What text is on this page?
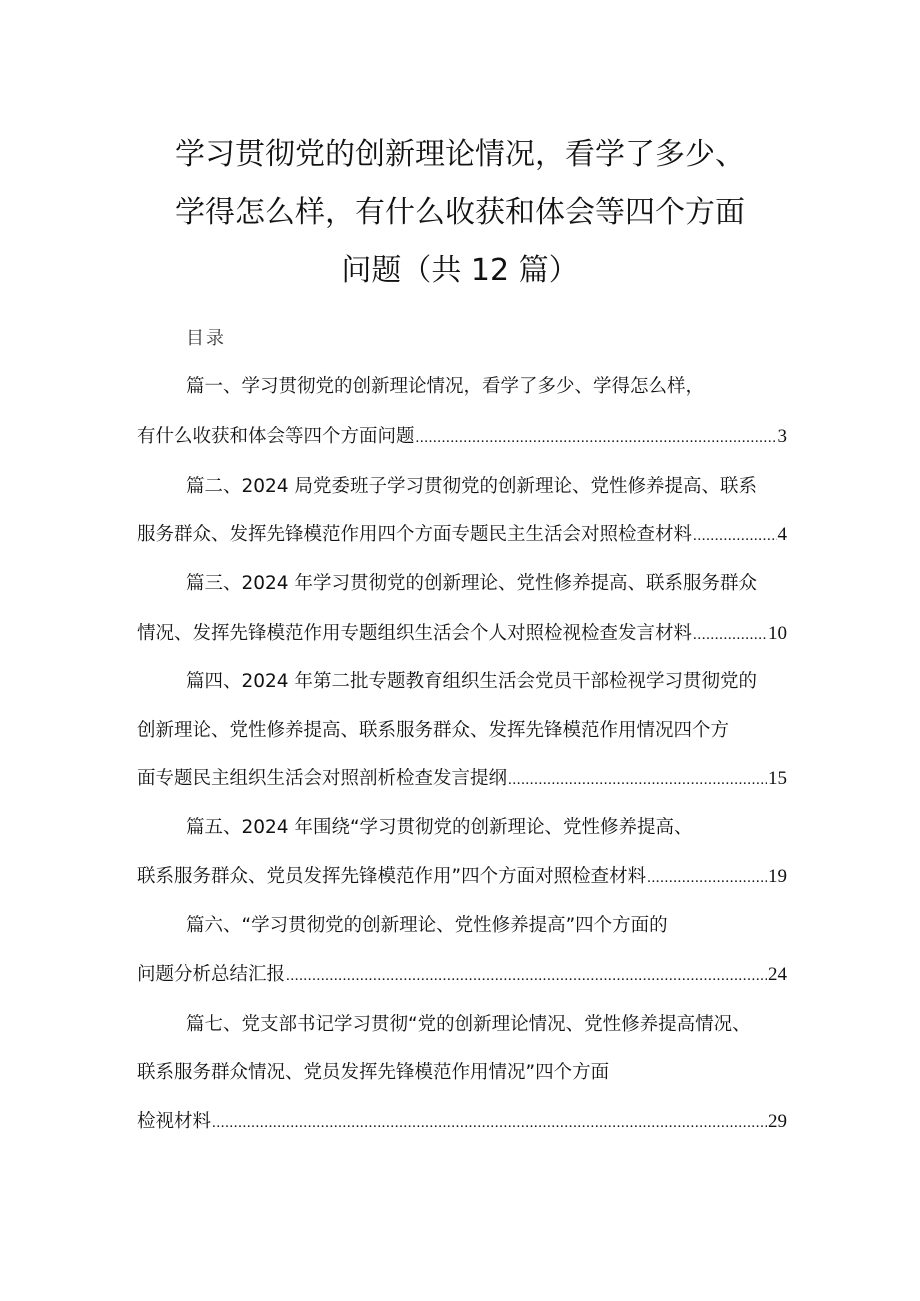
学习贯彻党的创新理论情况，看学了多少、
学得怎么样，有什么收获和体会等四个方面
问题（共 12 篇）
目录
篇一、学习贯彻党的创新理论情况，看学了多少、学得怎么样，
有什么收获和体会等四个方面问题 .....	3
篇二、2024 局党委班子学习贯彻党的创新理论、党性修养提高、联系
服务群众、发挥先锋模范作用四个方面专题民主生活会对照检查材料 .....	4
篇三、2024 年学习贯彻党的创新理论、党性修养提高、联系服务群众
情况、发挥先锋模范作用专题组织生活会个人对照检视检查发言材料 .....	10
篇四、2024 年第二批专题教育组织生活会党员干部检视学习贯彻党的
创新理论、党性修养提高、联系服务群众、发挥先锋模范作用情况四个方
面专题民主组织生活会对照剖析检查发言提纲 .....	15
篇五、2024 年围绕“学习贯彻党的创新理论、党性修养提高、
联系服务群众、党员发挥先锋模范作用”四个方面对照检查材料 .....	19
篇六、“学习贯彻党的创新理论、党性修养提高”四个方面的
问题分析总结汇报 .....	24
篇七、党支部书记学习贯彻“党的创新理论情况、党性修养提高情况、
联系服务群众情况、党员发挥先锋模范作用情况”四个方面
检视材料 .....	29
